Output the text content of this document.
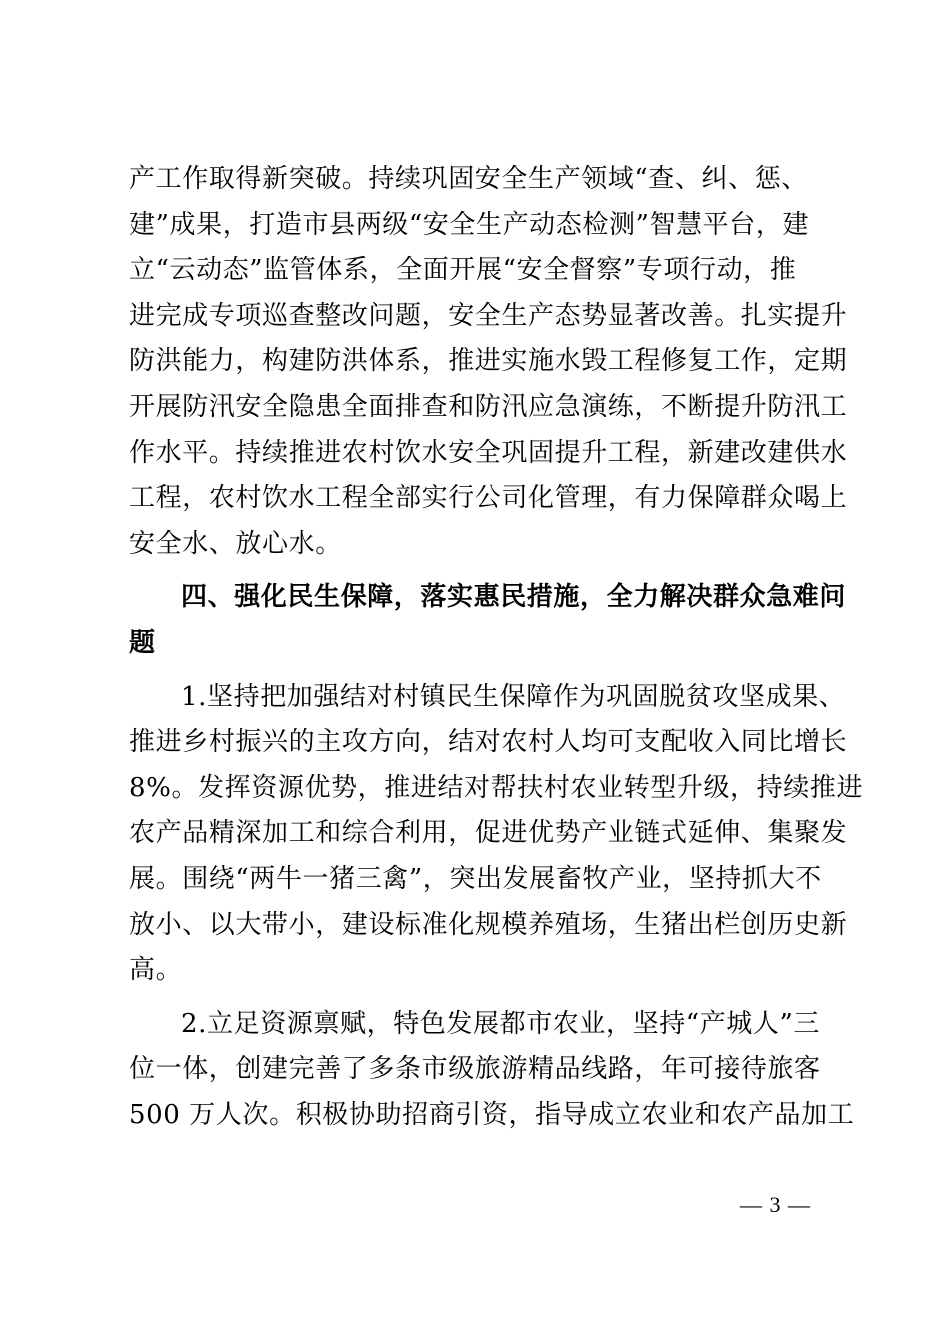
产工作取得新突破。持续巩固安全生产领域“查、纠、惩、
建”成果，打造市县两级“安全生产动态检测”智慧平台，建
立“云动态”监管体系，全面开展“安全督察”专项行动，推
进完成专项巡查整改问题，安全生产态势显著改善。扎实提升
防洪能力，构建防洪体系，推进实施水毁工程修复工作，定期
开展防汛安全隐患全面排查和防汛应急演练，不断提升防汛工
作水平。持续推进农村饮水安全巩固提升工程，新建改建供水
工程，农村饮水工程全部实行公司化管理，有力保障群众喝上
安全水、放心水。
四、强化民生保障，落实惠民措施，全力解决群众急难问
题
1.坚持把加强结对村镇民生保障作为巩固脱贫攻坚成果、
推进乡村振兴的主攻方向，结对农村人均可支配收入同比增长
8%。发挥资源优势，推进结对帮扶村农业转型升级，持续推进
农产品精深加工和综合利用，促进优势产业链式延伸、集聚发
展。围绕“两牛一猪三禽”，突出发展畜牧产业，坚持抓大不
放小、以大带小，建设标准化规模养殖场，生猪出栏创历史新
高。
2.立足资源禀赋，特色发展都市农业，坚持“产城人”三
位一体，创建完善了多条市级旅游精品线路，年可接待旅客
500 万人次。积极协助招商引资，指导成立农业和农产品加工
— 3 —
